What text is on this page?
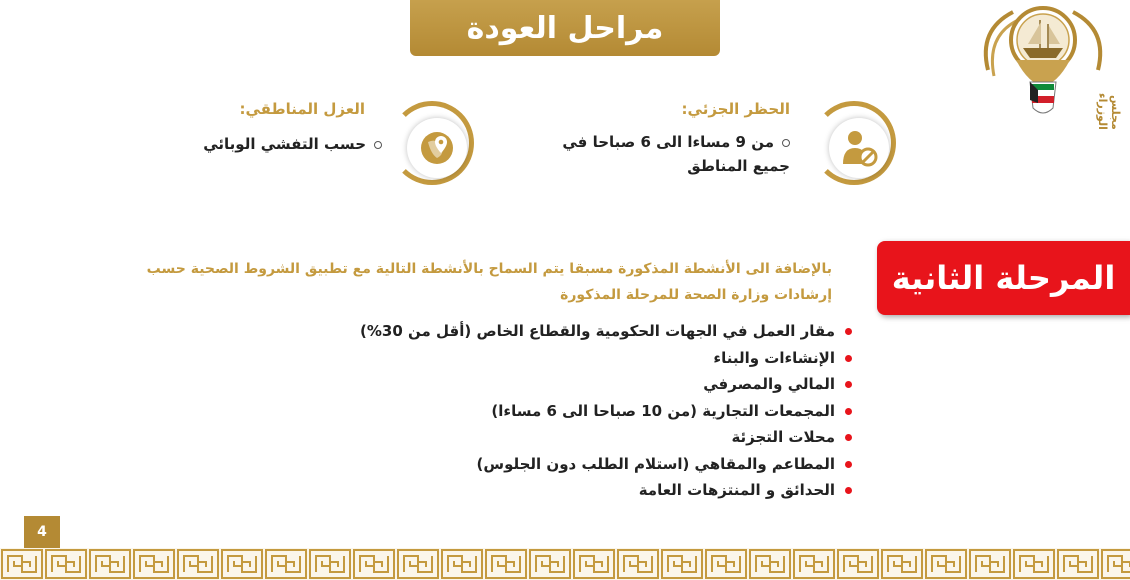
مراحل العودة
مجلس الوزراء
الحظر الجزئي:
من 9 مساءا الى 6 صباحا في
جميع المناطق
العزل المناطقي:
حسب التفشي الوبائي
المرحلة الثانية
بالإضافة الى الأنشطة المذكورة مسبقا يتم السماح بالأنشطة التالية مع تطبيق الشروط الصحية حسب
إرشادات وزارة الصحة للمرحلة المذكورة
مقار العمل في الجهات الحكومية والقطاع الخاص (أقل من 30%)
الإنشاءات والبناء
المالي والمصرفي
المجمعات التجارية (من 10 صباحا الى 6 مساءا)
محلات التجزئة
المطاعم والمقاهي (استلام الطلب دون الجلوس)
الحدائق و المنتزهات العامة
4
